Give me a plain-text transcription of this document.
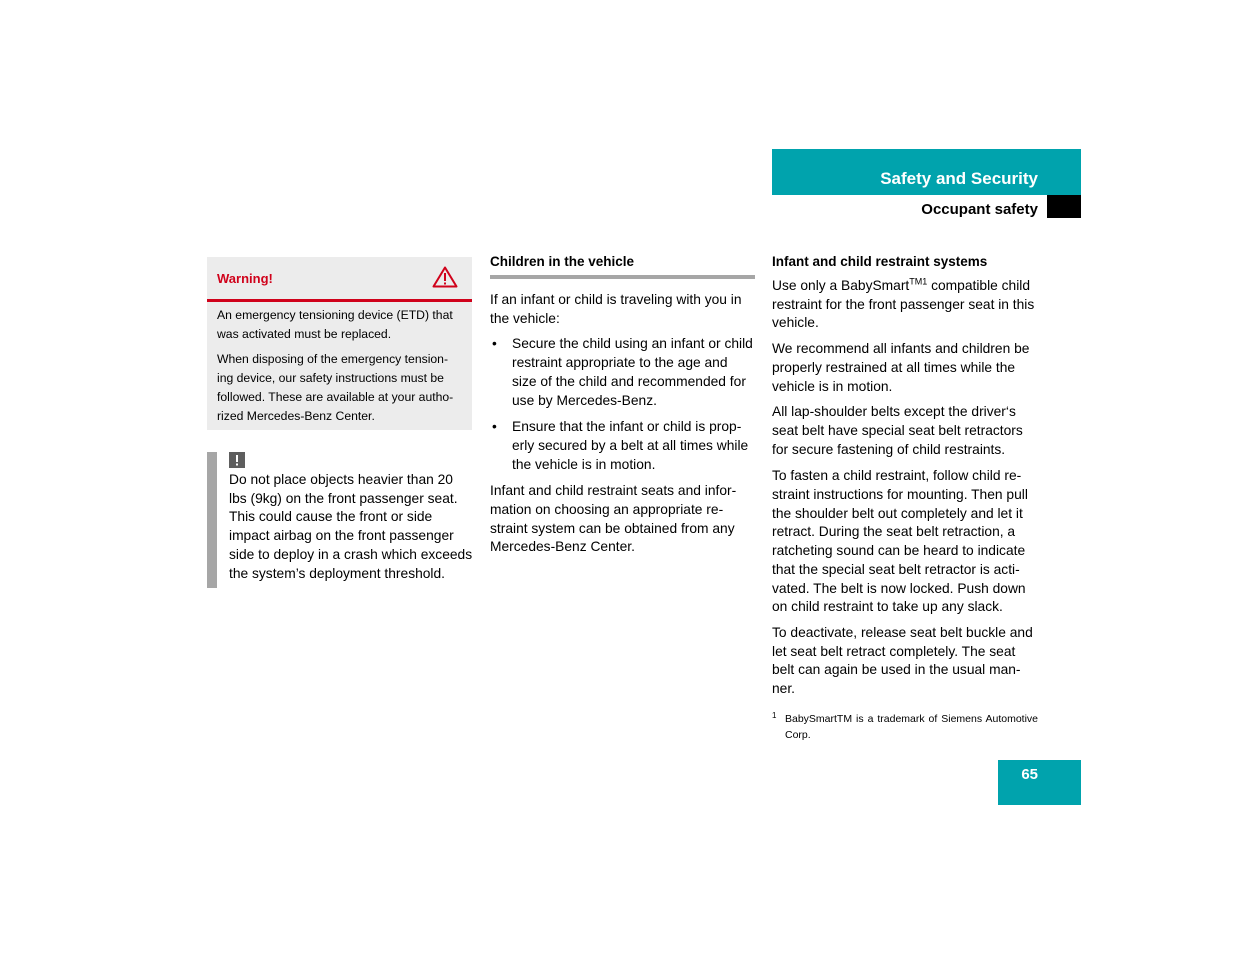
Safety and Security
Occupant safety
Warning!

An emergency tensioning device (ETD) that was activated must be replaced.

When disposing of the emergency tension-ing device, our safety instructions must be followed. These are available at your autho-rized Mercedes-Benz Center.

Do not place objects heavier than 20 lbs (9kg) on the front passenger seat. This could cause the front or side impact airbag on the front passenger side to deploy in a crash which exceeds the system’s deployment threshold.
Children in the vehicle

If an infant or child is traveling with you in the vehicle:

• Secure the child using an infant or child restraint appropriate to the age and size of the child and recommended for use by Mercedes-Benz.
• Ensure that the infant or child is prop-erly secured by a belt at all times while the vehicle is in motion.

Infant and child restraint seats and infor-mation on choosing an appropriate re-straint system can be obtained from any Mercedes-Benz Center.

Infant and child restraint systems

Use only a BabySmart$^{TM1}$ compatible child restraint for the front passenger seat in this vehicle.

We recommend all infants and children be properly restrained at all times while the vehicle is in motion.

All lap-shoulder belts except the driver‘s seat belt have special seat belt retractors for secure fastening of child restraints.

To fasten a child restraint, follow child re-straint instructions for mounting. Then pull the shoulder belt out completely and let it retract. During the seat belt retraction, a ratcheting sound can be heard to indicate that the special seat belt retractor is acti-vated. The belt is now locked. Push down on child restraint to take up any slack.

To deactivate, release seat belt buckle and let seat belt retract completely. The seat belt can again be used in the usual man-ner.

1 BabySmartTM is a trademark of Siemens Automotive Corp.
65
